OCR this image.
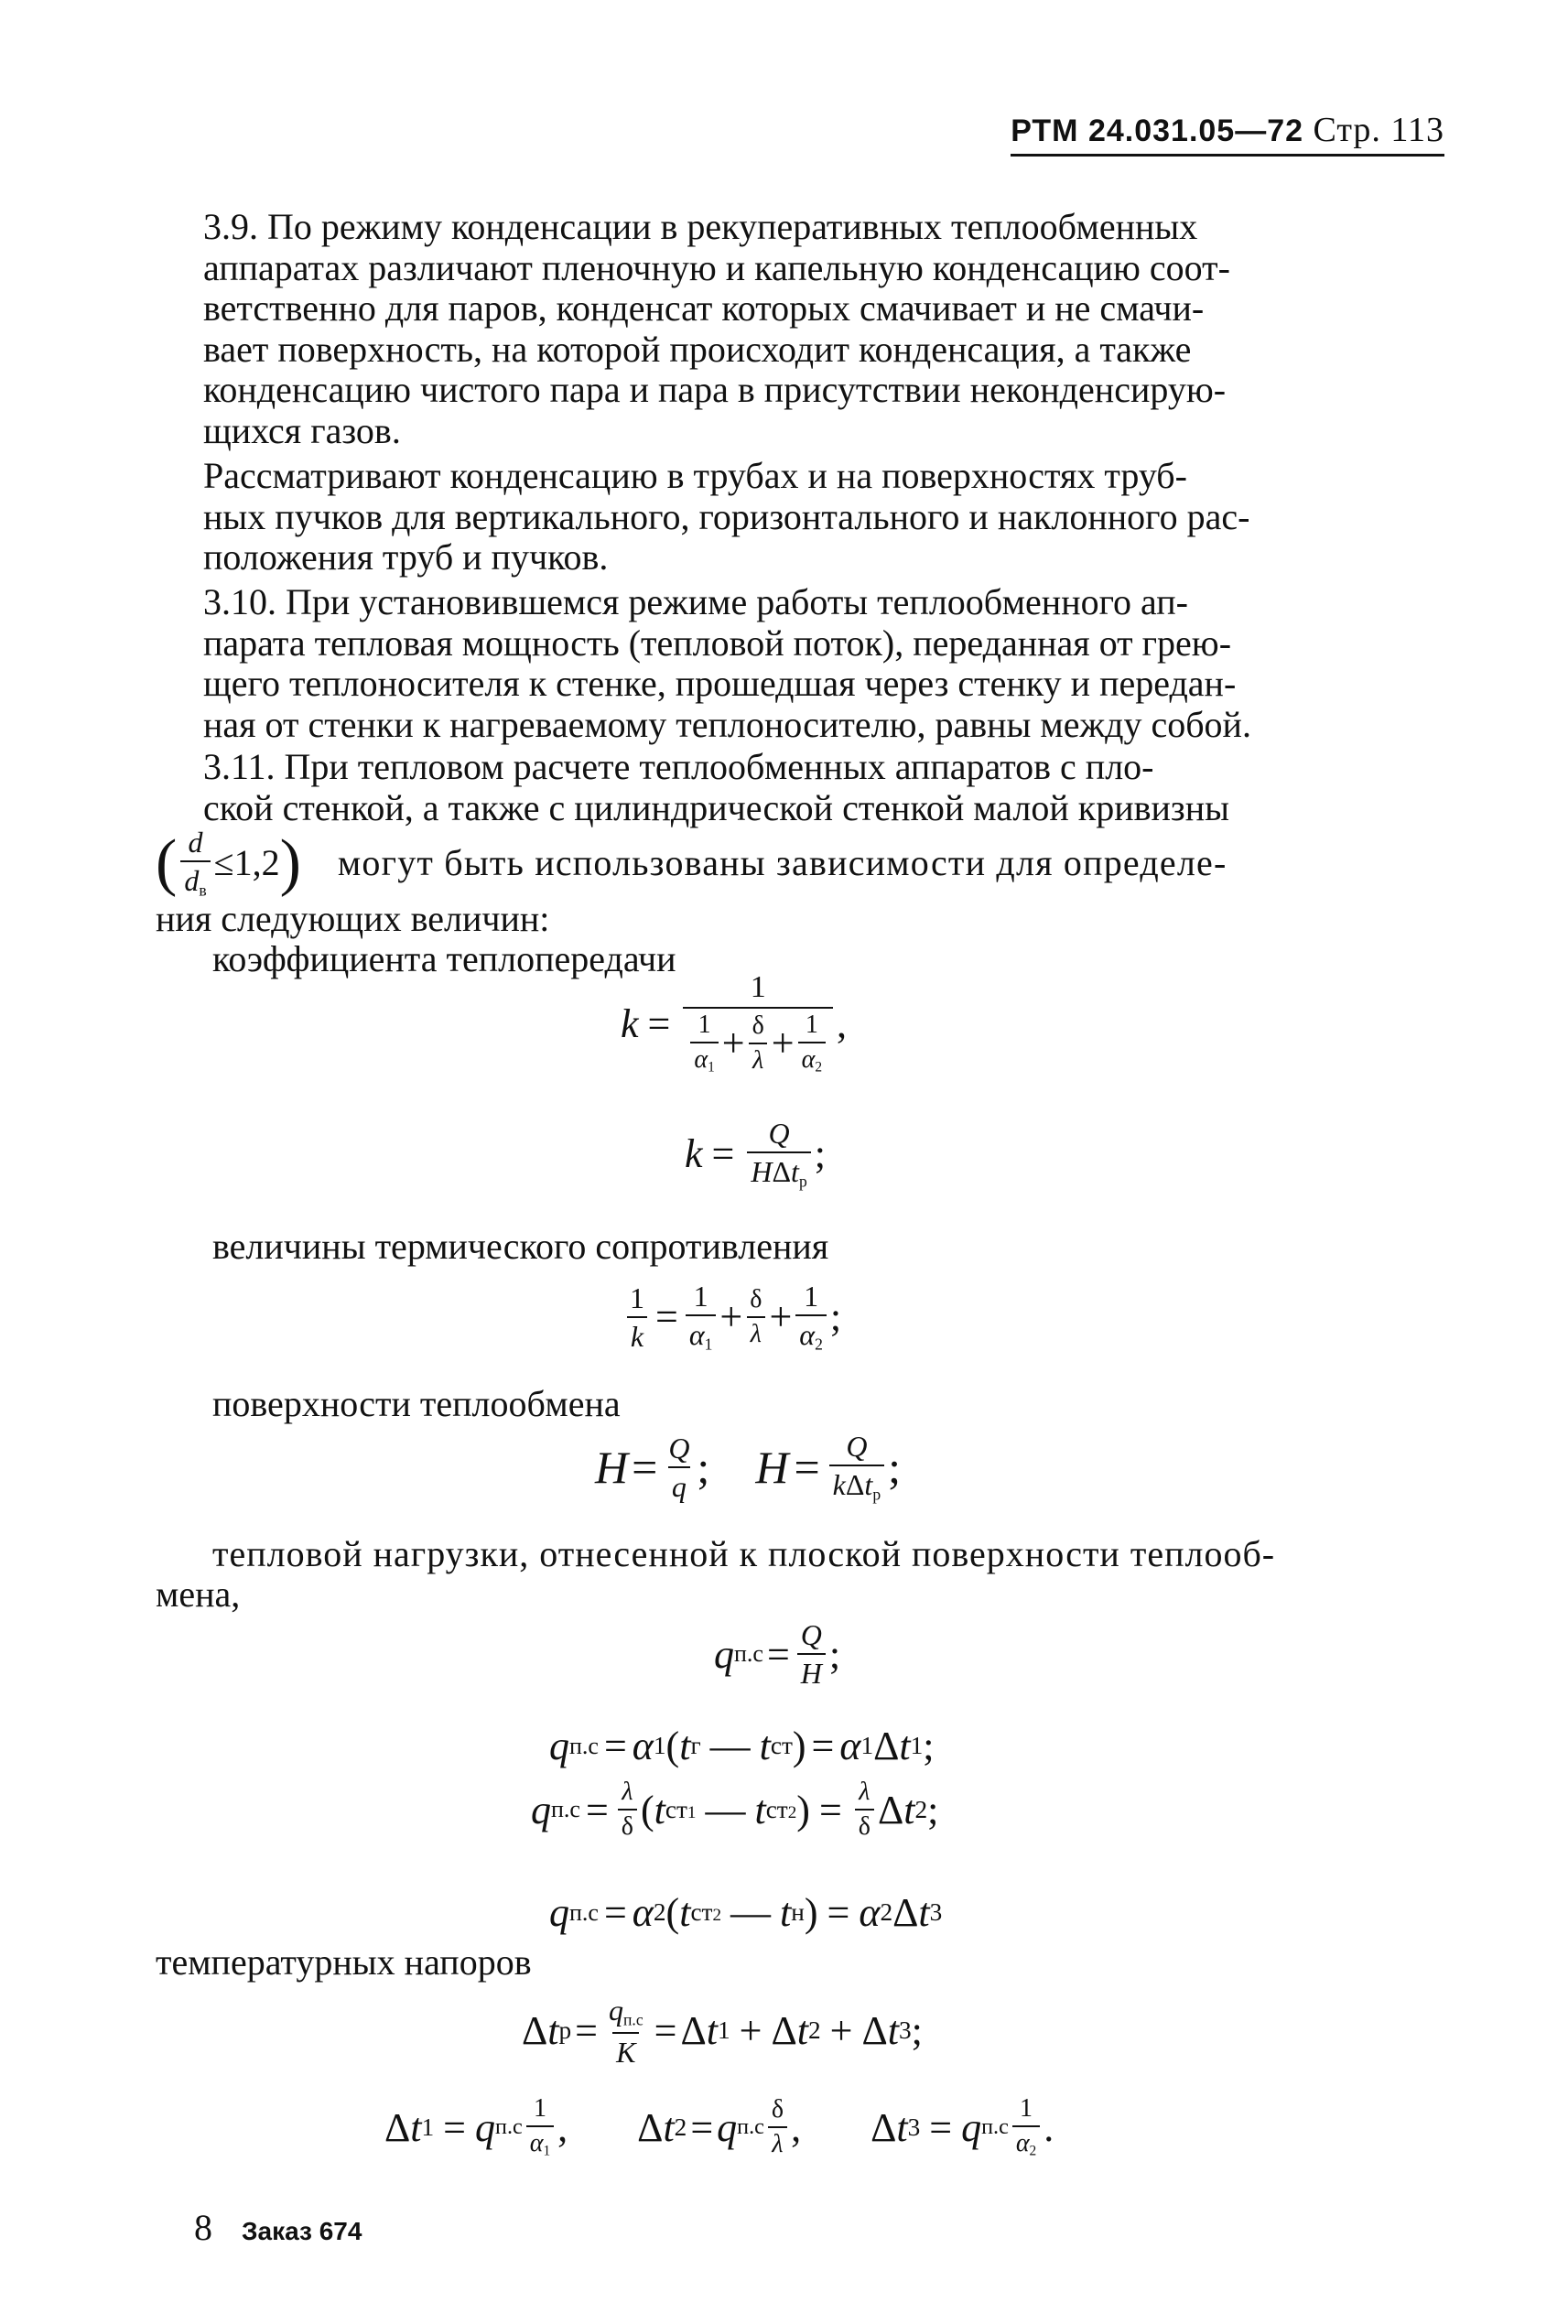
РТМ 24.031.05—72 Стр. 113
3.9. По режиму конденсации в рекуперативных теплообменных
аппаратах различают пленочную и капельную конденсацию соот-
ветственно для паров, конденсат которых смачивает и не смачи-
вает поверхность, на которой происходит конденсация, а также
конденсацию чистого пара и пара в присутствии неконденсирую-
щихся газов.
Рассматривают конденсацию в трубах и на поверхностях труб-
ных пучков для вертикального, горизонтального и наклонного рас-
положения труб и пучков.
3.10. При установившемся режиме работы теплообменного ап-
парата тепловая мощность (тепловой поток), переданная от грею-
щего теплоносителя к стенке, прошедшая через стенку и передан-
ная от стенки к нагреваемому теплоносителю, равны между собой.
3.11. При тепловом расчете теплообменных аппаратов с пло-
ской стенкой, а также с цилиндрической стенкой малой кривизны
( $\frac{d}{dв} \le 1,2$ ) могут быть использованы зависимости для определе-
ния следующих величин:
коэффициента теплопередачи
$k = \frac{1}{\frac{1}{\alpha 1} + \frac{\delta}{\lambda} + \frac{1}{\alpha 2}}$ ,
$k = \frac{Q}{\text{HΔtр}}$ ;
величины термического сопротивления
$\frac{1}{k} = \frac{1}{\alpha 1} + \frac{\delta}{\lambda} + \frac{1}{\alpha 2}$ ;
поверхности теплообмена
$H = \frac{Q}{q}$ ; $H = \frac{Q}{\text{kΔtр}}$ ;
тепловой нагрузки, отнесенной к плоской поверхности теплооб-
мена,
q $п.с = \frac{Q}{H}$ ;
q п.с = α 1 ( t г — t ст ) = α 1 Δ t 1 ;
q $п.с = \frac{\lambda}{\delta}$ ( t ст1 — t ст2 ) = $\frac{\lambda}{\delta}$ Δ t 2 ;
q п.с = α 2 ( t ст2 — t н ) = α 2 Δ t 3
температурных напоров
Δ t $р = \frac{qп.с}{K} = \Delta$ t 1 + Δ t 2 + Δ t 3 ;
Δ t 1 = q $п.с \frac{1}{\alpha 1}$ , Δ t 2 = q $п.с \frac{\delta}{\lambda}$ , Δ t 3 = q $п.с \frac{1}{\alpha 2}$ .
8 Заказ 674
